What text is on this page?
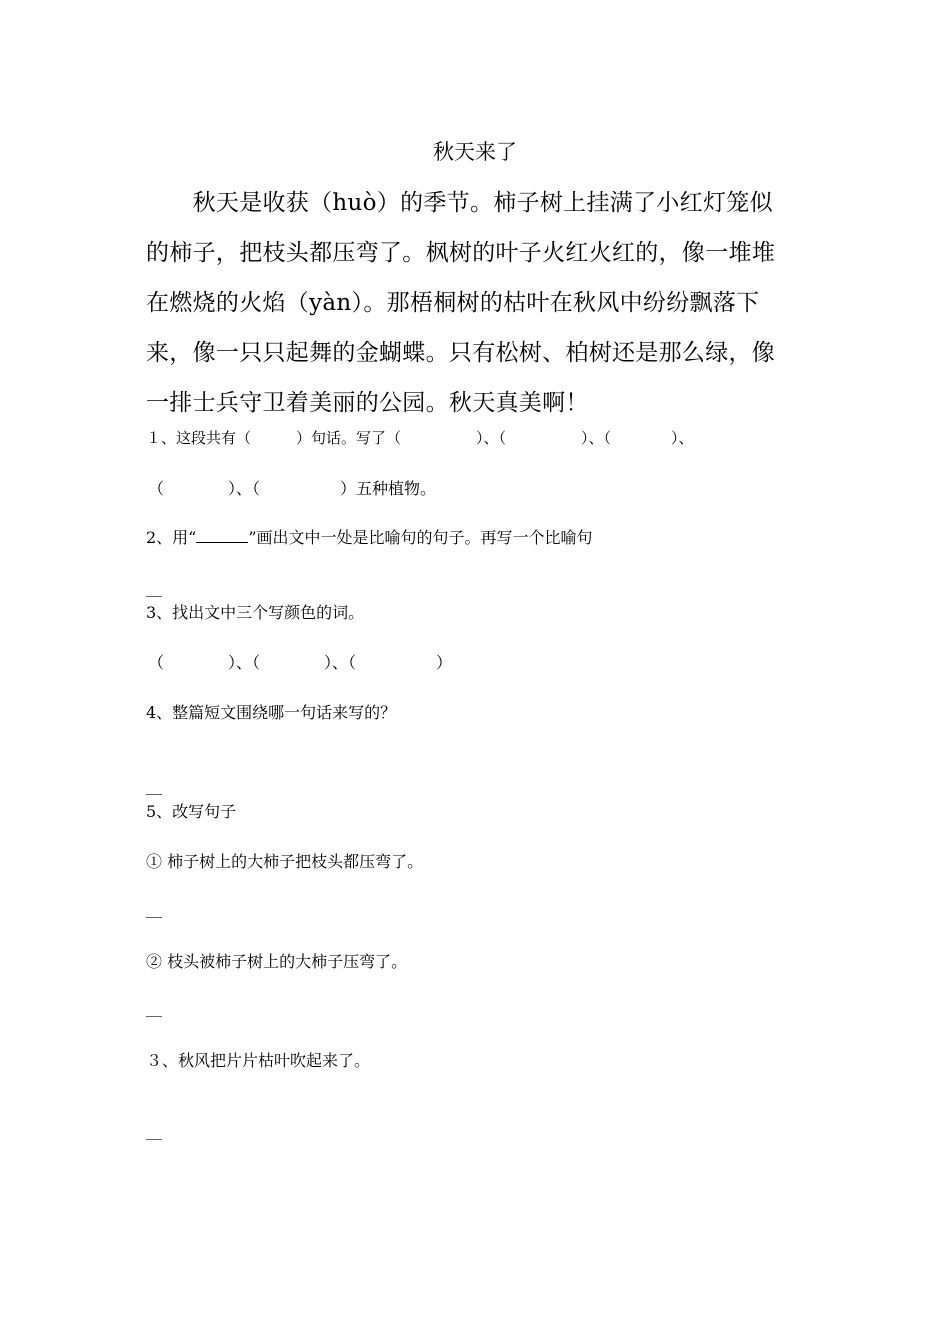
秋天来了
　　秋天是收获（huò）的季节。柿子树上挂满了小红灯笼似
的柿子，把枝头都压弯了。枫树的叶子火红火红的，像一堆堆
在燃烧的火焰（yàn）。那梧桐树的枯叶在秋风中纷纷飘落下
来，像一只只起舞的金蝴蝶。只有松树、柏树还是那么绿，像
一排士兵守卫着美丽的公园。秋天真美啊！
１、这段共有（　　　）句话。写了（　　　　　）、（　　　　　）、（　　　　）、
（　　　　）、（　　　　　）五种植物。
2、用“	”画出文中一处是比喻句的句子。再写一个比喻句
__
3、找出文中三个写颜色的词。
（　　　　）、（　　　　）、（　　　　　）
4、整篇短文围绕哪一句话来写的？
__
5、改写句子
① 柿子树上的大柿子把枝头都压弯了。
__
② 枝头被柿子树上的大柿子压弯了。
__
３、秋风把片片枯叶吹起来了。
__
